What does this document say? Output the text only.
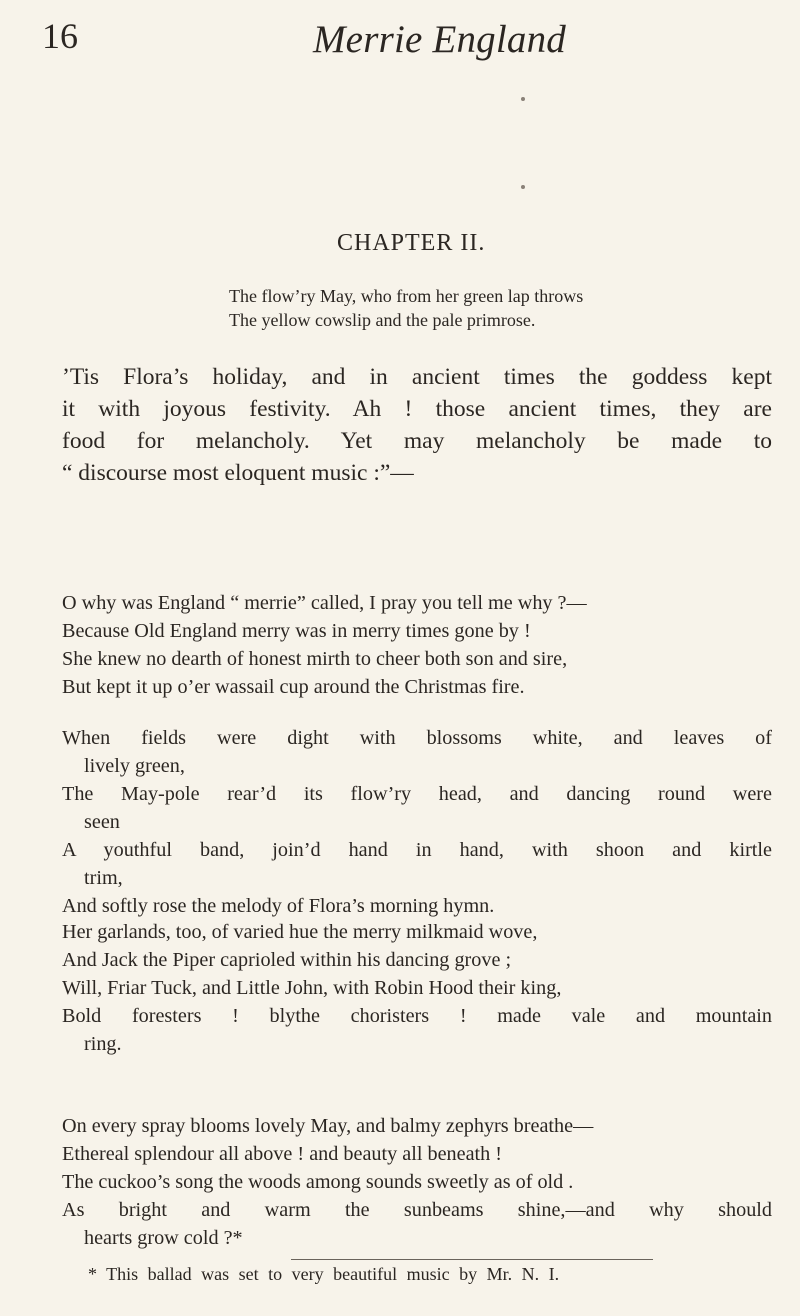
16	Merrie England
CHAPTER II.
The flow’ry May, who from her green lap throws
The yellow cowslip and the pale primrose.
’Tis Flora’s holiday, and in ancient times the goddess kept
it with joyous festivity. Ah ! those ancient times, they are
food for melancholy. Yet may melancholy be made to
“ discourse most eloquent music :”—
O why was England “ merrie” called, I pray you tell me why ?—
Because Old England merry was in merry times gone by !
She knew no dearth of honest mirth to cheer both son and sire,
But kept it up o’er wassail cup around the Christmas fire.
When fields were dight with blossoms white, and leaves of
lively green,
The May-pole rear’d its flow’ry head, and dancing round were
seen
A youthful band, join’d hand in hand, with shoon and kirtle
trim,
And softly rose the melody of Flora’s morning hymn.
Her garlands, too, of varied hue the merry milkmaid wove,
And Jack the Piper caprioled within his dancing grove ;
Will, Friar Tuck, and Little John, with Robin Hood their king,
Bold foresters ! blythe choristers ! made vale and mountain
ring.
On every spray blooms lovely May, and balmy zephyrs breathe—
Ethereal splendour all above ! and beauty all beneath !
The cuckoo’s song the woods among sounds sweetly as of old .
As bright and warm the sunbeams shine,—and why should
hearts grow cold ?*
* This ballad was set to very beautiful music by Mr. N. I.
